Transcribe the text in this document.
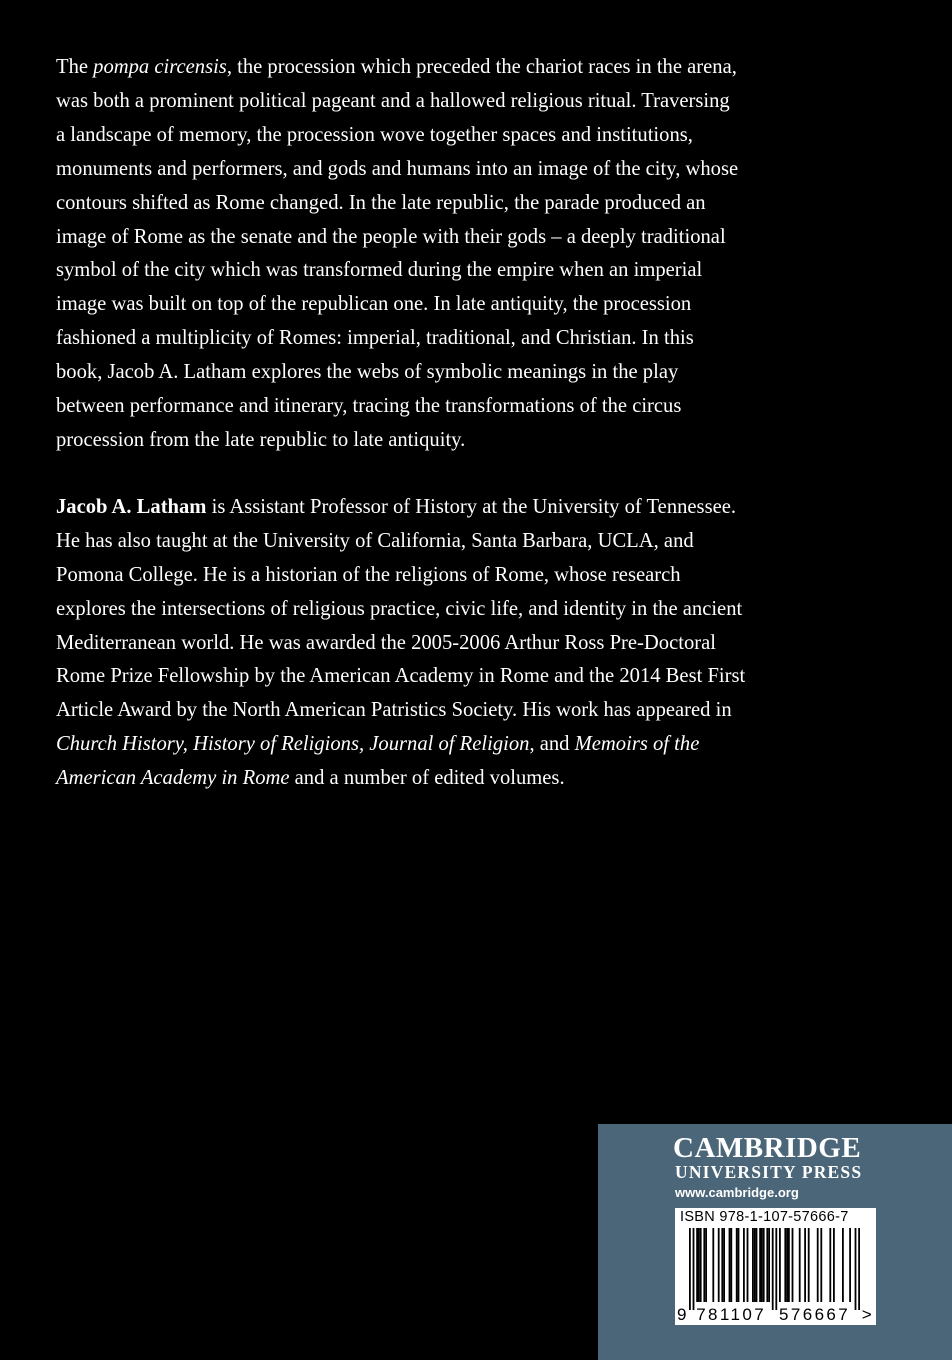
The pompa circensis, the procession which preceded the chariot races in the arena,
was both a prominent political pageant and a hallowed religious ritual. Traversing
a landscape of memory, the procession wove together spaces and institutions,
monuments and performers, and gods and humans into an image of the city, whose
contours shifted as Rome changed. In the late republic, the parade produced an
image of Rome as the senate and the people with their gods – a deeply traditional
symbol of the city which was transformed during the empire when an imperial
image was built on top of the republican one. In late antiquity, the procession
fashioned a multiplicity of Romes: imperial, traditional, and Christian. In this
book, Jacob A. Latham explores the webs of symbolic meanings in the play
between performance and itinerary, tracing the transformations of the circus
procession from the late republic to late antiquity.

Jacob A. Latham is Assistant Professor of History at the University of Tennessee.
He has also taught at the University of California, Santa Barbara, UCLA, and
Pomona College. He is a historian of the religions of Rome, whose research
explores the intersections of religious practice, civic life, and identity in the ancient
Mediterranean world. He was awarded the 2005-2006 Arthur Ross Pre-Doctoral
Rome Prize Fellowship by the American Academy in Rome and the 2014 Best First
Article Award by the North American Patristics Society. His work has appeared in
Church History, History of Religions, Journal of Religion, and Memoirs of the
American Academy in Rome and a number of edited volumes.

CAMBRIDGE
UNIVERSITY PRESS
www.cambridge.org
ISBN 978-1-107-57666-7
9 781107 576667 >
